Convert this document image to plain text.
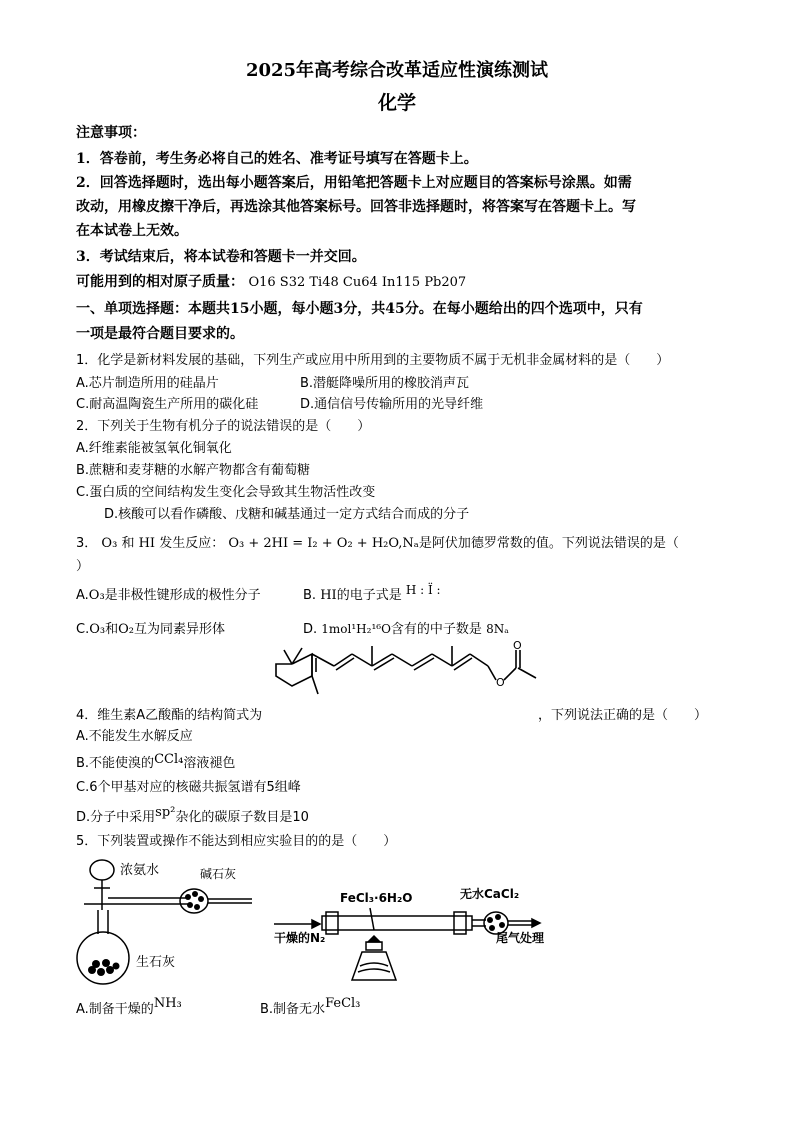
2025年高考综合改革适应性演练测试
化学
注意事项：
1．答卷前，考生务必将自己的姓名、准考证号填写在答题卡上。
2．回答选择题时，选出每小题答案后，用铅笔把答题卡上对应题目的答案标号涂黑。如需
改动，用橡皮擦干净后，再选涂其他答案标号。回答非选择题时，将答案写在答题卡上。写
在本试卷上无效。
3．考试结束后，将本试卷和答题卡一并交回。
可能用到的相对原子质量： O16 S32 Ti48 Cu64 In115 Pb207
一、单项选择题：本题共15小题，每小题3分，共45分。在每小题给出的四个选项中，只有
一项是最符合题目要求的。
1．化学是新材料发展的基础，下列生产或应用中所用到的主要物质不属于无机非金属材料的是（　　）
A.芯片制造所用的硅晶片	B.潜艇降噪所用的橡胶消声瓦
C.耐高温陶瓷生产所用的碳化硅	D.通信信号传输所用的光导纤维
2．下列关于生物有机分子的说法错误的是（　　）
A.纤维素能被氢氧化铜氧化
B.蔗糖和麦芽糖的水解产物都含有葡萄糖
C.蛋白质的空间结构发生变化会导致其生物活性改变
D.核酸可以看作磷酸、戊糖和碱基通过一定方式结合而成的分子
3． O₃ 和 HI 发生反应： O₃ + 2HI = I₂ + O₂ + H₂O,Nₐ是阿伏加德罗常数的值。下列说法错误的是（
）
A.O₃是非极性键形成的极性分子	B. HI的电子式是 H : Ï :
C.O₃和O₂互为同素异形体	D. 1mol¹H₂¹⁶O含有的中子数是 8Nₐ
O
O
4．维生素A乙酸酯的结构简式为	，下列说法正确的是（　　）
A.不能发生水解反应
B.不能使溴的CCl₄溶液褪色
C.6个甲基对应的核磁共振氢谱有5组峰
D.分子中采用sp²杂化的碳原子数目是10
5．下列装置或操作不能达到相应实验目的的是（　　）
浓氨水	碱石灰
生石灰
FeCl₃·6H₂O	无水CaCl₂
干燥的N₂	尾气处理
A.制备干燥的NH₃	B.制备无水FeCl₃
